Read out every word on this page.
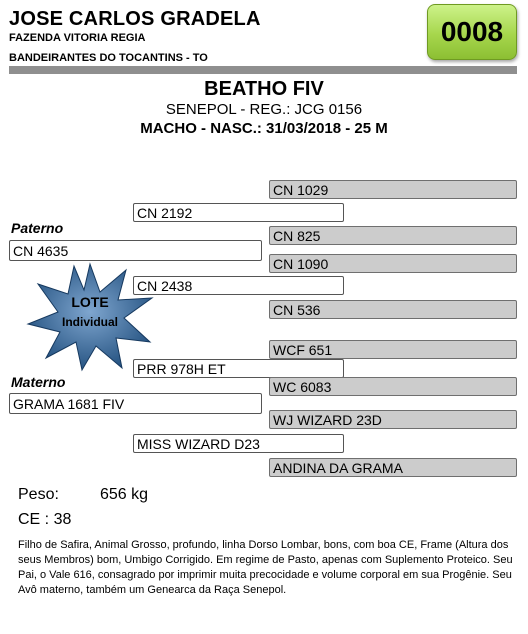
JOSE CARLOS GRADELA
FAZENDA VITORIA REGIA
BANDEIRANTES DO TOCANTINS - TO
0008
BEATHO FIV
SENEPOL - REG.: JCG 0156
MACHO - NASC.: 31/03/2018 - 25 M
CN 1029
CN 2192
Paterno	CN 825
CN 4635
CN 1090
CN 2438
CN 536
LOTE
Individual
WCF 651
PRR 978H ET
Materno	WC 6083
GRAMA 1681 FIV
WJ WIZARD 23D
MISS WIZARD D23
ANDINA DA GRAMA
Peso:	656 kg
CE : 38
Filho de Safira, Animal Grosso, profundo, linha Dorso Lombar, bons, com boa CE, Frame (Altura dos seus Membros) bom, Umbigo Corrigido. Em regime de Pasto, apenas com Suplemento Proteico. Seu Pai, o Vale 616, consagrado por imprimir muita precocidade e volume corporal em sua Progênie. Seu Avô materno, também um Genearca da Raça Senepol.
